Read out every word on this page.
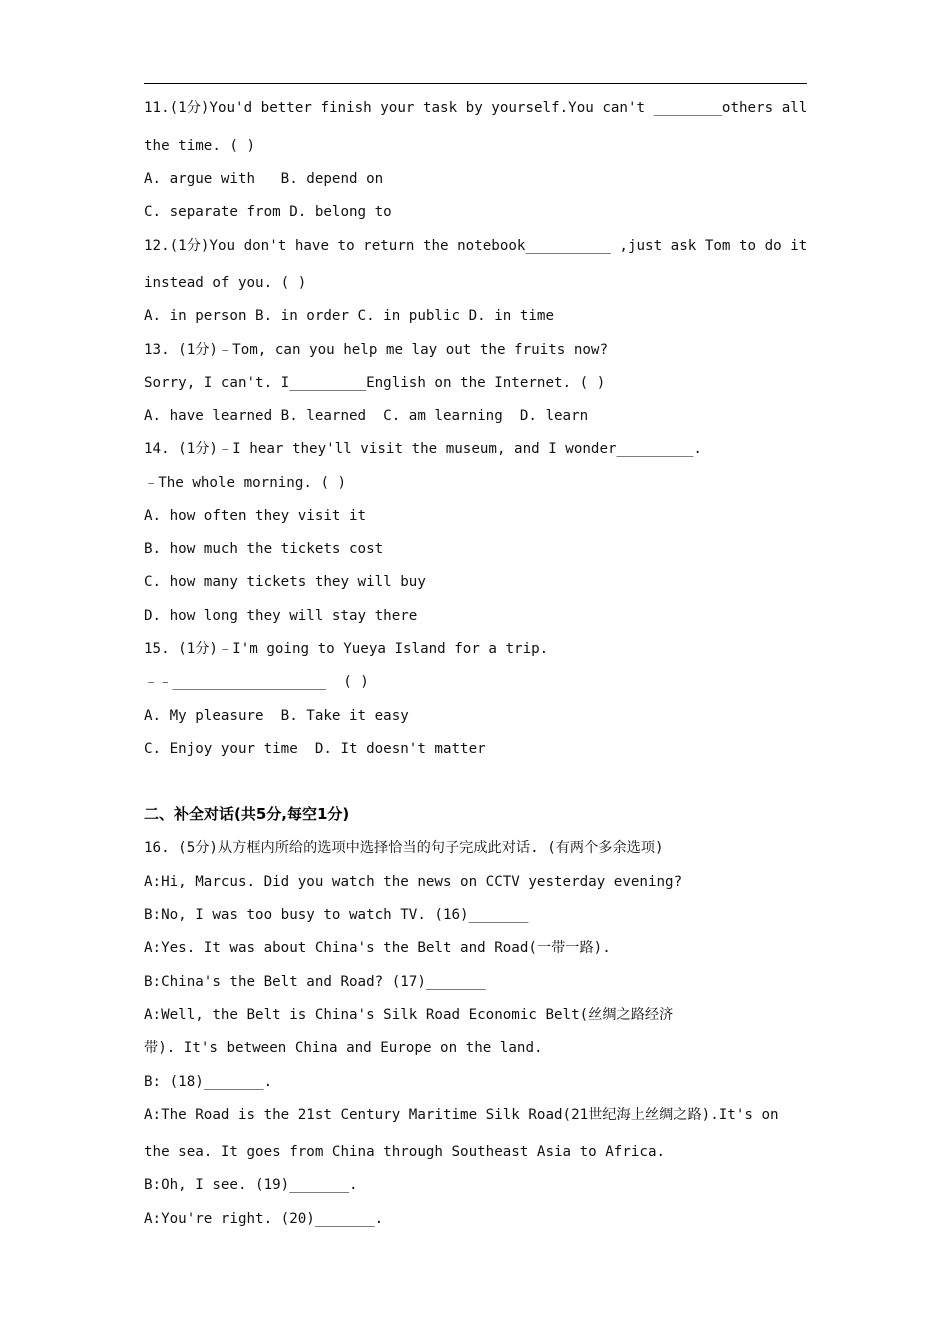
11.(1分)You'd better finish your task by yourself.You can't ________others all
the time. ( )
A. argue with   B. depend on
C. separate from D. belong to
12.(1分)You don't have to return the notebook__________ ,just ask Tom to do it
instead of you. ( )
A. in person B. in order C. in public D. in time
13. (1分)﹣Tom, can you help me lay out the fruits now?
Sorry, I can't. I_________English on the Internet. ( )
A. have learned B. learned  C. am learning  D. learn
14. (1分)﹣I hear they'll visit the museum, and I wonder_________.
﹣The whole morning. ( )
A. how often they visit it
B. how much the tickets cost
C. how many tickets they will buy
D. how long they will stay there
15. (1分)﹣I'm going to Yueya Island for a trip.
﹣﹣__________________  ( )
A. My pleasure  B. Take it easy
C. Enjoy your time  D. It doesn't matter
二、补全对话(共5分,每空1分)
16. (5分)从方框内所给的选项中选择恰当的句子完成此对话. (有两个多余选项)
A:Hi, Marcus. Did you watch the news on CCTV yesterday evening?
B:No, I was too busy to watch TV. (16)_______
A:Yes. It was about China's the Belt and Road(一带一路).
B:China's the Belt and Road? (17)_______
A:Well, the Belt is China's Silk Road Economic Belt(丝绸之路经济
带). It's between China and Europe on the land.
B: (18)_______.
A:The Road is the 21st Century Maritime Silk Road(21世纪海上丝绸之路).It's on
the sea. It goes from China through Southeast Asia to Africa.
B:Oh, I see. (19)_______.
A:You're right. (20)_______.
